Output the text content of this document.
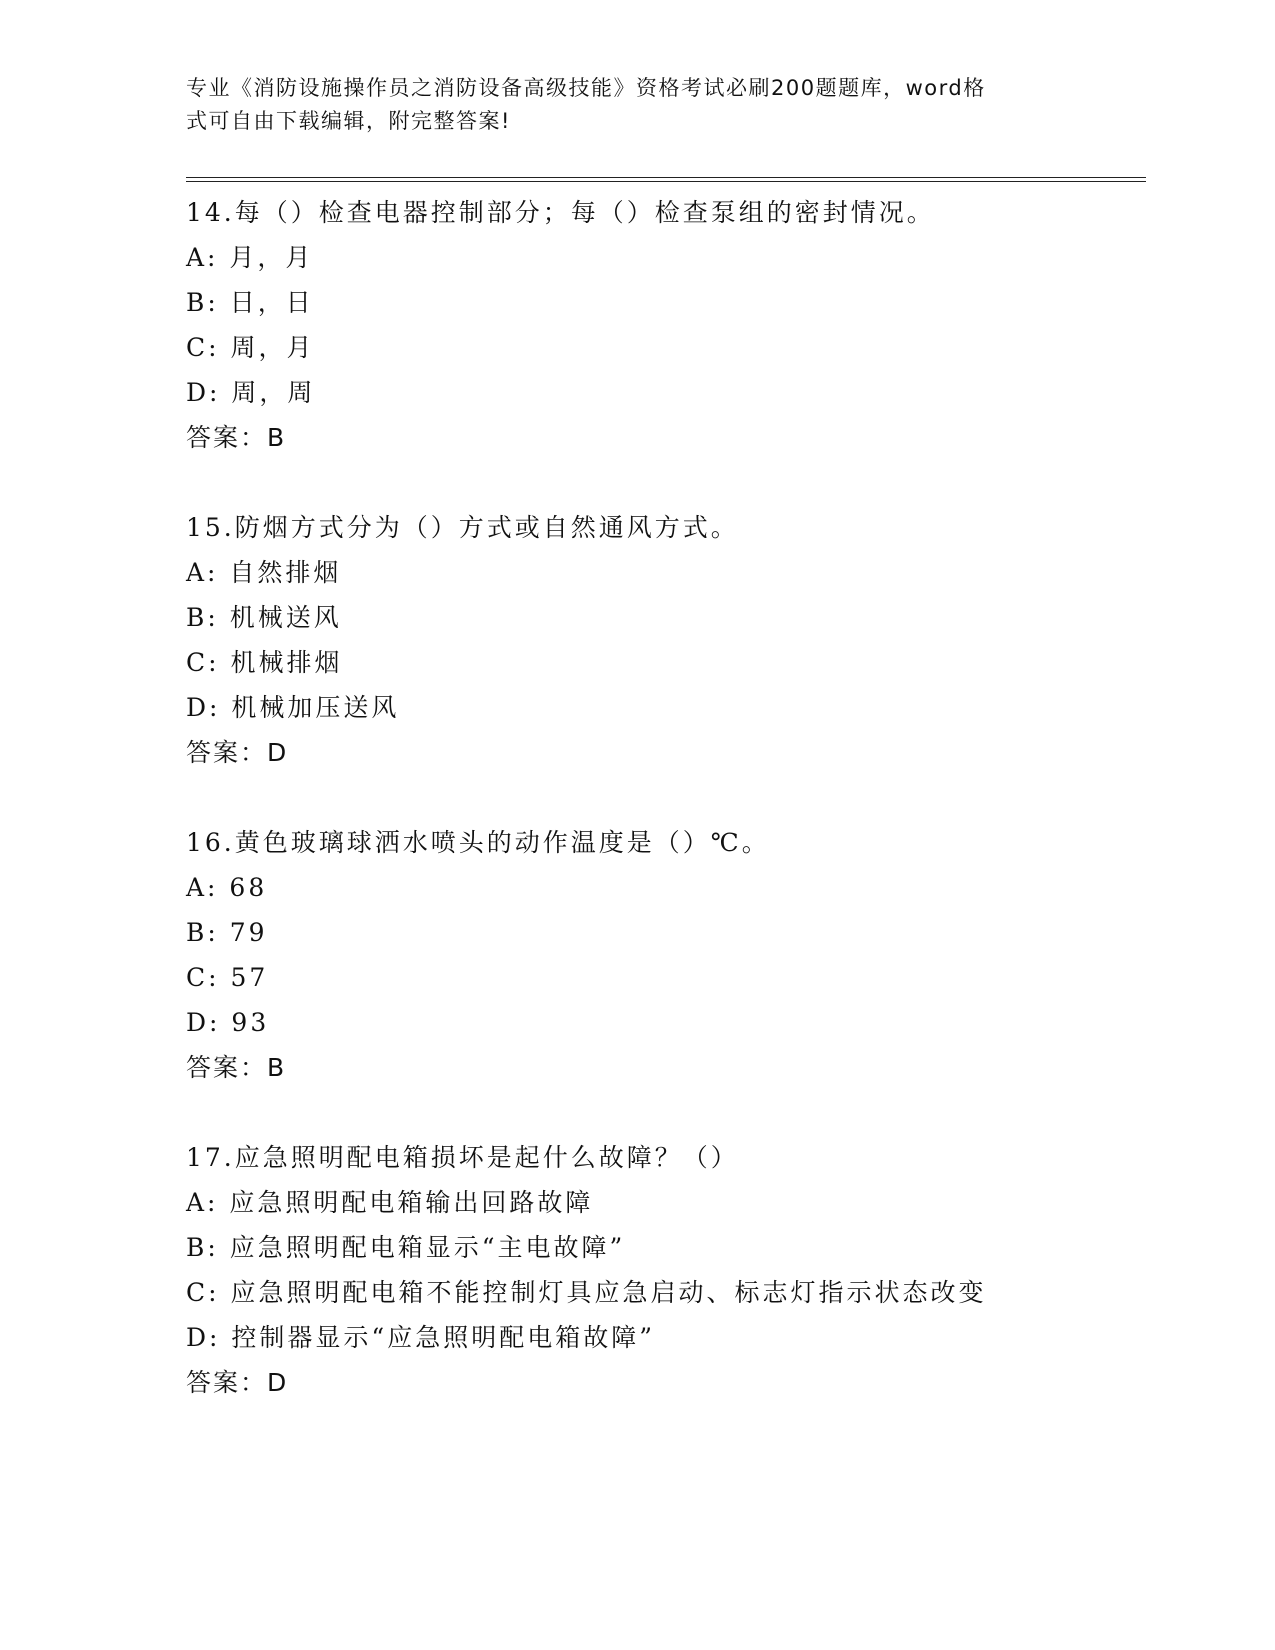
专业《消防设施操作员之消防设备高级技能》资格考试必刷200题题库，word格
式可自由下载编辑，附完整答案!
14.每（）检查电器控制部分；每（）检查泵组的密封情况。
A: 月，月
B: 日，日
C: 周，月
D: 周，周
答案：B
15.防烟方式分为（）方式或自然通风方式。
A: 自然排烟
B: 机械送风
C: 机械排烟
D: 机械加压送风
答案：D
16.黄色玻璃球洒水喷头的动作温度是（）℃。
A: 68
B: 79
C: 57
D: 93
答案：B
17.应急照明配电箱损坏是起什么故障？（）
A: 应急照明配电箱输出回路故障
B: 应急照明配电箱显示“主电故障”
C: 应急照明配电箱不能控制灯具应急启动、标志灯指示状态改变
D: 控制器显示“应急照明配电箱故障”
答案：D
